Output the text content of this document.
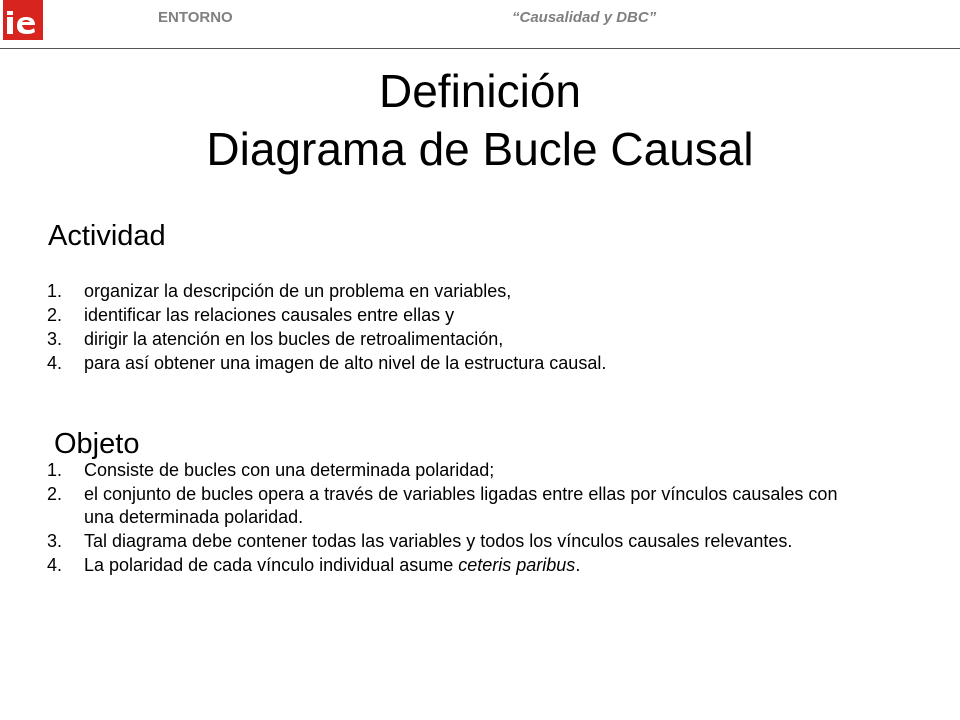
ENTORNO	“Causalidad y DBC”
Definición
Diagrama de Bucle Causal
Actividad
1. organizar la descripción de un problema en variables,
2. identificar las relaciones causales entre ellas y
3. dirigir la atención en los bucles de retroalimentación,
4. para así obtener una imagen de alto nivel de la estructura causal.
Objeto
1. Consiste de bucles con una determinada polaridad;
2. el conjunto de bucles opera a través de variables ligadas entre ellas por vínculos causales con una determinada polaridad.
3. Tal diagrama debe contener todas las variables y todos los vínculos causales relevantes.
4. La polaridad de cada vínculo individual asume ceteris paribus.
